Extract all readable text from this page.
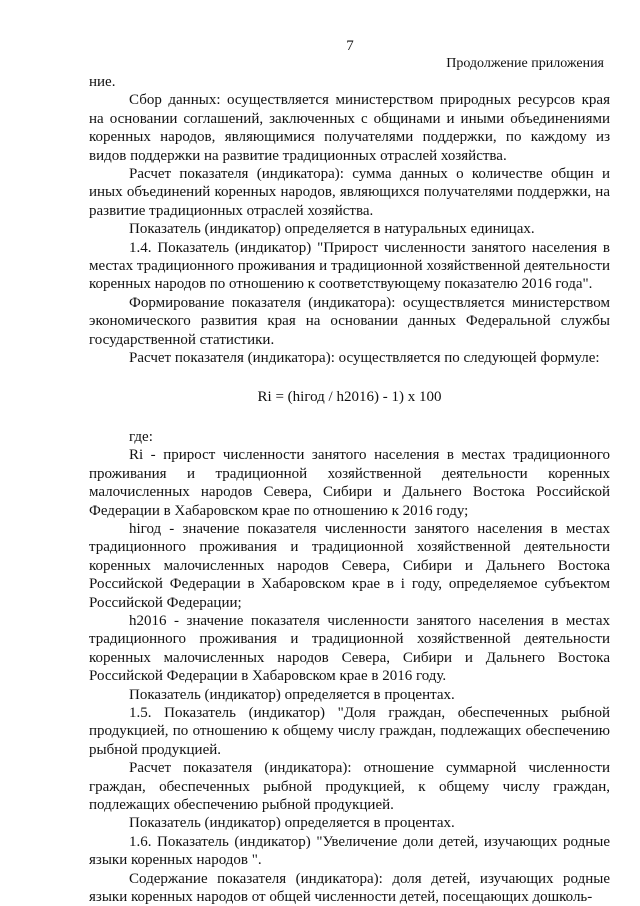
7
Продолжение приложения

ние.

Сбор данных: осуществляется министерством природных ресурсов края на основании соглашений, заключенных с общинами и иными объединениями коренных народов, являющимися получателями поддержки, по каждому из видов поддержки на развитие традиционных отраслей хозяйства.

Расчет показателя (индикатора): сумма данных о количестве общин и иных объединений коренных народов, являющихся получателями поддержки, на развитие традиционных отраслей хозяйства.

Показатель (индикатор) определяется в натуральных единицах.

1.4. Показатель (индикатор) "Прирост численности занятого населения в местах традиционного проживания и традиционной хозяйственной деятельности коренных народов по отношению к соответствующему показателю 2016 года".

Формирование показателя (индикатора): осуществляется министерством экономического развития края на основании данных Федеральной службы государственной статистики.

Расчет показателя (индикатора): осуществляется по следующей формуле:

Ri = (hiгод / h2016) - 1) x 100

где:

Ri - прирост численности занятого населения в местах традиционного проживания и традиционной хозяйственной деятельности коренных малочисленных народов Севера, Сибири и Дальнего Востока Российской Федерации в Хабаровском крае по отношению к 2016 году;

hiгод - значение показателя численности занятого населения в местах традиционного проживания и традиционной хозяйственной деятельности коренных малочисленных народов Севера, Сибири и Дальнего Востока Российской Федерации в Хабаровском крае в i году, определяемое субъектом Российской Федерации;

h2016 - значение показателя численности занятого населения в местах традиционного проживания и традиционной хозяйственной деятельности коренных малочисленных народов Севера, Сибири и Дальнего Востока Российской Федерации в Хабаровском крае в 2016 году.

Показатель (индикатор) определяется в процентах.

1.5. Показатель (индикатор) "Доля граждан, обеспеченных рыбной продукцией, по отношению к общему числу граждан, подлежащих обеспечению рыбной продукцией.

Расчет показателя (индикатора): отношение суммарной численности граждан, обеспеченных рыбной продукцией, к общему числу граждан, подлежащих обеспечению рыбной продукцией.

Показатель (индикатор) определяется в процентах.

1.6. Показатель (индикатор) "Увеличение доли детей, изучающих родные языки коренных народов ".

Содержание показателя (индикатора): доля детей, изучающих родные языки коренных народов от общей численности детей, посещающих дошколь-
